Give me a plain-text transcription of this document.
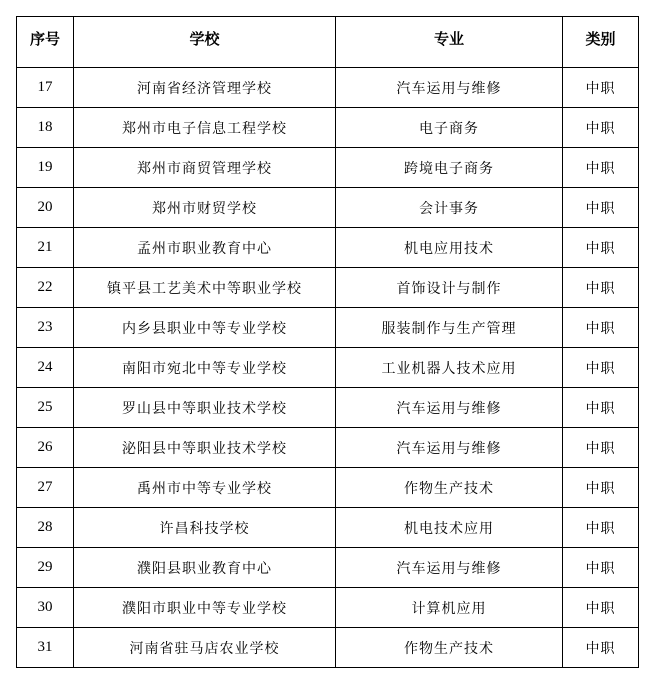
序号	学校	专业	类别
17	河南省经济管理学校	汽车运用与维修	中职
18	郑州市电子信息工程学校	电子商务	中职
19	郑州市商贸管理学校	跨境电子商务	中职
20	郑州市财贸学校	会计事务	中职
21	孟州市职业教育中心	机电应用技术	中职
22	镇平县工艺美术中等职业学校	首饰设计与制作	中职
23	内乡县职业中等专业学校	服装制作与生产管理	中职
24	南阳市宛北中等专业学校	工业机器人技术应用	中职
25	罗山县中等职业技术学校	汽车运用与维修	中职
26	泌阳县中等职业技术学校	汽车运用与维修	中职
27	禹州市中等专业学校	作物生产技术	中职
28	许昌科技学校	机电技术应用	中职
29	濮阳县职业教育中心	汽车运用与维修	中职
30	濮阳市职业中等专业学校	计算机应用	中职
31	河南省驻马店农业学校	作物生产技术	中职
